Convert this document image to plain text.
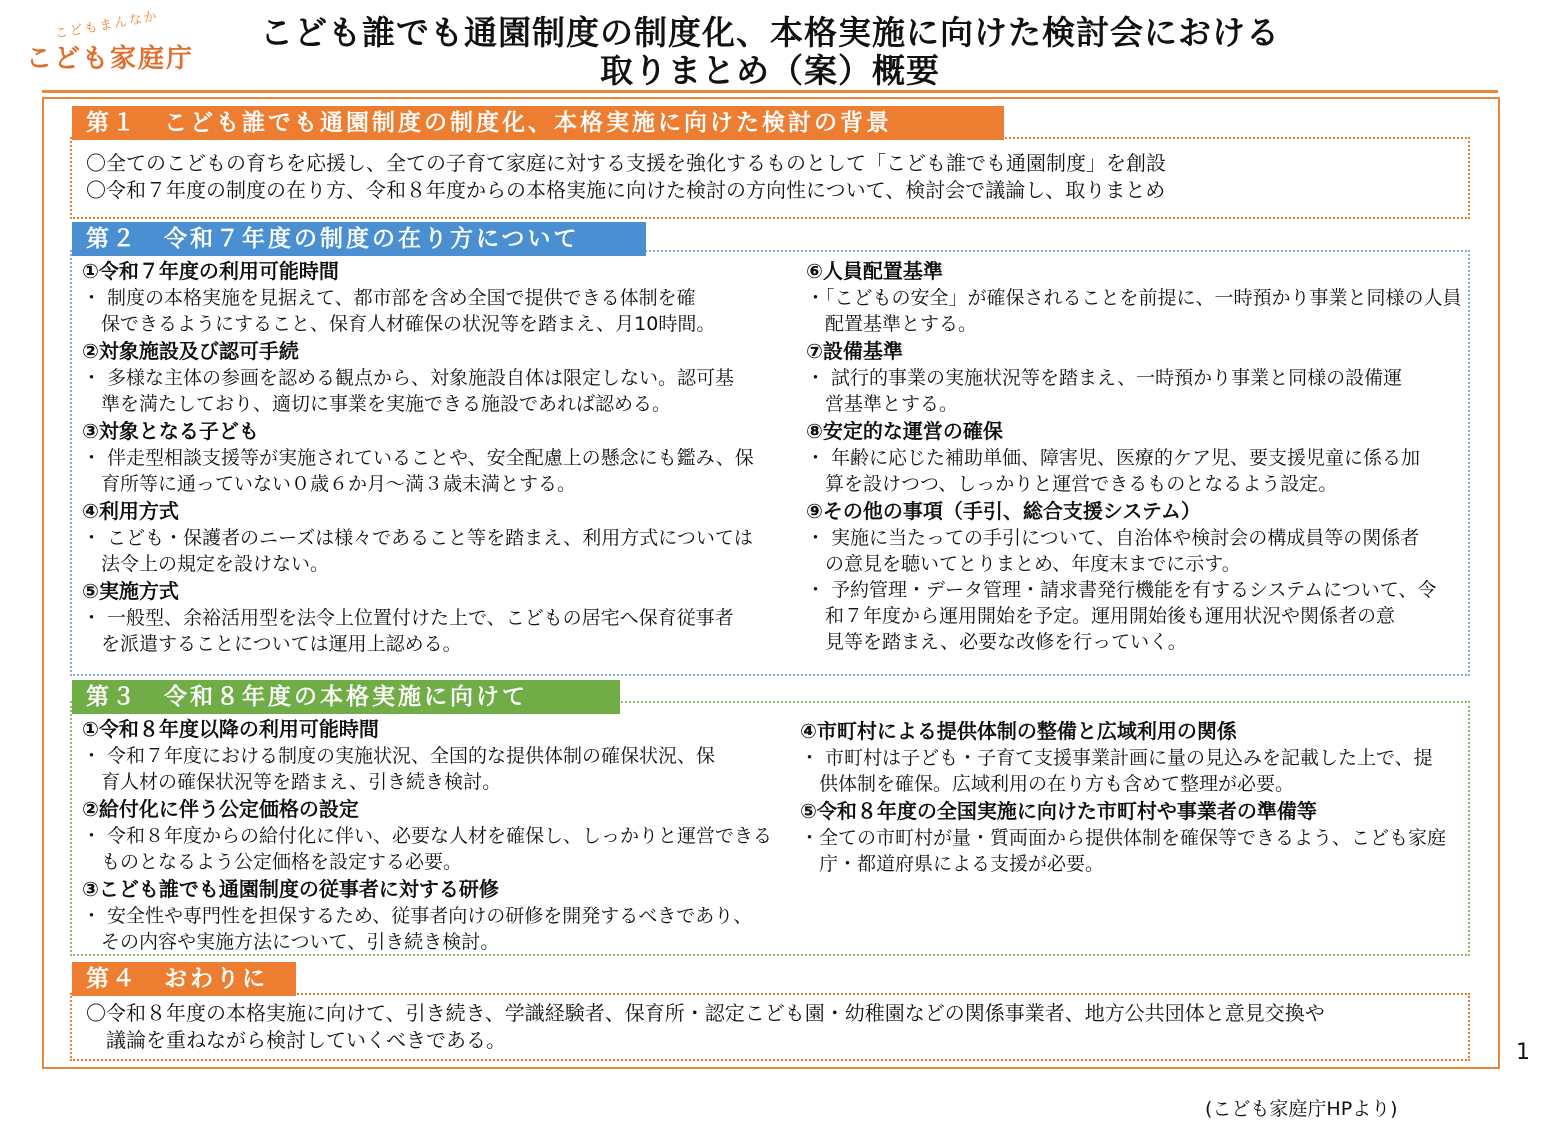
こどもまんなか
こども家庭庁
こども誰でも通園制度の制度化、本格実施に向けた検討会における
取りまとめ（案）概要
第１　こども誰でも通園制度の制度化、本格実施に向けた検討の背景
〇全てのこどもの育ちを応援し、全ての子育て家庭に対する支援を強化するものとして「こども誰でも通園制度」を創設
〇令和７年度の制度の在り方、令和８年度からの本格実施に向けた検討の方向性について、検討会で議論し、取りまとめ
第２　令和７年度の制度の在り方について
①令和７年度の利用可能時間
・ 制度の本格実施を見据えて、都市部を含め全国で提供できる体制を確
　保できるようにすること、保育人材確保の状況等を踏まえ、月10時間。
②対象施設及び認可手続
・ 多様な主体の参画を認める観点から、対象施設自体は限定しない。認可基
　準を満たしており、適切に事業を実施できる施設であれば認める。
③対象となる子ども
・ 伴走型相談支援等が実施されていることや、安全配慮上の懸念にも鑑み、保
　育所等に通っていない０歳６か月～満３歳未満とする。
④利用方式
・ こども・保護者のニーズは様々であること等を踏まえ、利用方式については
　法令上の規定を設けない。
⑤実施方式
・ 一般型、余裕活用型を法令上位置付けた上で、こどもの居宅へ保育従事者
　を派遣することについては運用上認める。
⑥人員配置基準
・「こどもの安全」が確保されることを前提に、一時預かり事業と同様の人員
　配置基準とする。
⑦設備基準
・ 試行的事業の実施状況等を踏まえ、一時預かり事業と同様の設備運
　営基準とする。
⑧安定的な運営の確保
・ 年齢に応じた補助単価、障害児、医療的ケア児、要支援児童に係る加
　算を設けつつ、しっかりと運営できるものとなるよう設定。
⑨その他の事項（手引、総合支援システム）
・ 実施に当たっての手引について、自治体や検討会の構成員等の関係者
　の意見を聴いてとりまとめ、年度末までに示す。
・ 予約管理・データ管理・請求書発行機能を有するシステムについて、令
　和７年度から運用開始を予定。運用開始後も運用状況や関係者の意
　見等を踏まえ、必要な改修を行っていく。
第３　令和８年度の本格実施に向けて
①令和８年度以降の利用可能時間
・ 令和７年度における制度の実施状況、全国的な提供体制の確保状況、保
　育人材の確保状況等を踏まえ、引き続き検討。
②給付化に伴う公定価格の設定
・ 令和８年度からの給付化に伴い、必要な人材を確保し、しっかりと運営できる
　ものとなるよう公定価格を設定する必要。
③こども誰でも通園制度の従事者に対する研修
・ 安全性や専門性を担保するため、従事者向けの研修を開発するべきであり、
　その内容や実施方法について、引き続き検討。
④市町村による提供体制の整備と広域利用の関係
・ 市町村は子ども・子育て支援事業計画に量の見込みを記載した上で、提
　供体制を確保。広域利用の在り方も含めて整理が必要。
⑤令和８年度の全国実施に向けた市町村や事業者の準備等
・全ての市町村が量・質両面から提供体制を確保等できるよう、こども家庭
　庁・都道府県による支援が必要。
第４　おわりに
〇令和８年度の本格実施に向けて、引き続き、学識経験者、保育所・認定こども園・幼稚園などの関係事業者、地方公共団体と意見交換や
　議論を重ねながら検討していくべきである。	1
(こども家庭庁HPより)
